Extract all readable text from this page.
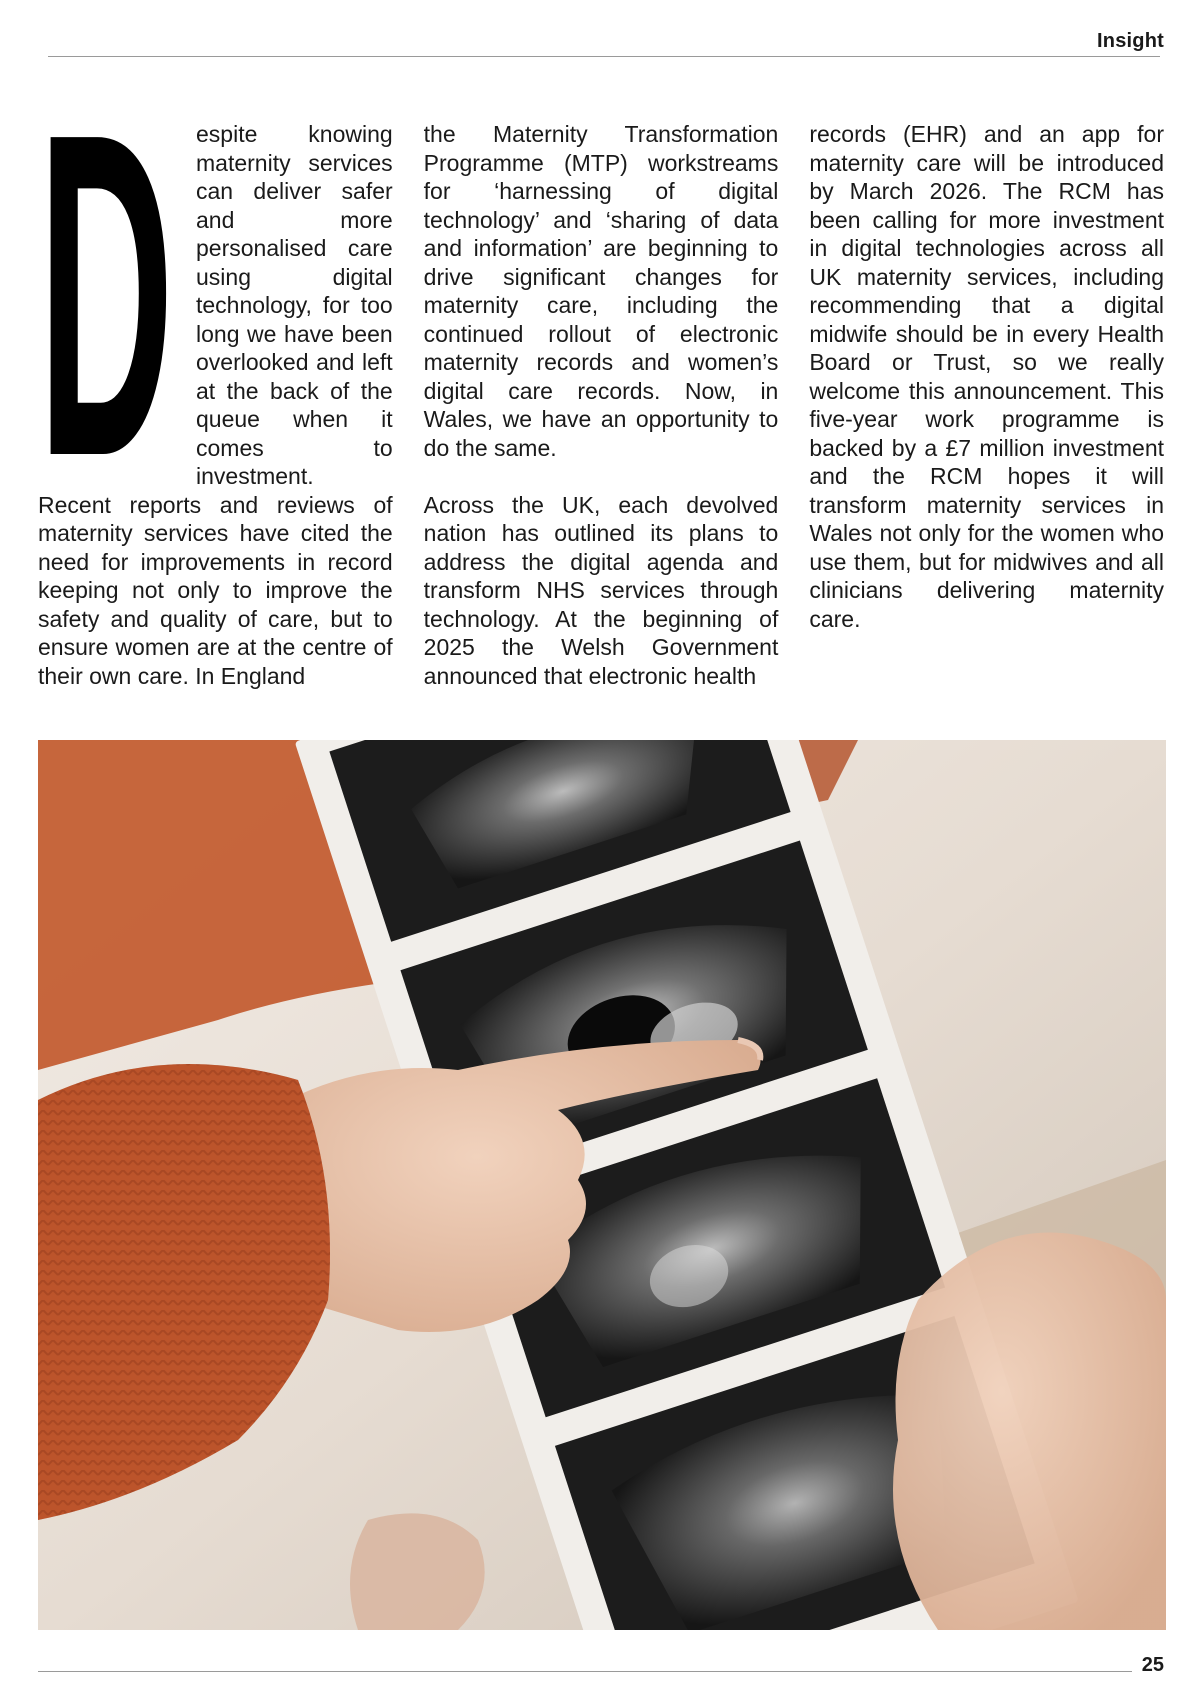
Insight
D espite knowing maternity services can deliver safer and more personalised care using digital technology, for too long we have been overlooked and left at the back of the queue when it comes to investment. Recent reports and reviews of maternity services have cited the need for improvements in record keeping not only to improve the safety and quality of care, but to ensure women are at the centre of their own care. In England

the Maternity Transformation Programme (MTP) workstreams for ‘harnessing of digital technology’ and ‘sharing of data and information’ are beginning to drive significant changes for maternity care, including the continued rollout of electronic maternity records and women’s digital care records. Now, in Wales, we have an opportunity to do the same.

Across the UK, each devolved nation has outlined its plans to address the digital agenda and transform NHS services through technology. At the beginning of 2025 the Welsh Government announced that electronic health

records (EHR) and an app for maternity care will be introduced by March 2026. The RCM has been calling for more investment in digital technologies across all UK maternity services, including recommending that a digital midwife should be in every Health Board or Trust, so we really welcome this announcement. This five-year work programme is backed by a £7 million investment and the RCM hopes it will transform maternity services in Wales not only for the women who use them, but for midwives and all clinicians delivering maternity care.

25
